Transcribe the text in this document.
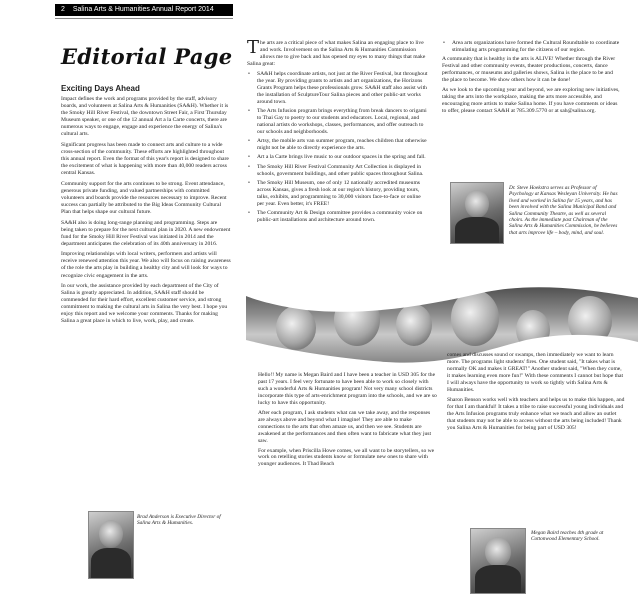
2 Salina Arts & Humanities Annual Report 2014
Editorial Page
Exciting Days Ahead

Impact defines the work and programs provided by the staff, advisory boards, and volunteers at Salina Arts & Humanities (SA&H). Whether it is the Smoky Hill River Festival, the downtown Street Fair, a First Thursday Museum speaker, or one of the 12 annual Art a la Carte concerts, there are numerous ways to engage, engage and experience the energy of Salina's cultural arts.

Significant progress has been made to connect arts and culture to a wide cross-section of the community. These efforts are highlighted throughout this annual report. Even the format of this year's report is designed to share the excitement of what is happening with more than 40,000 readers across central Kansas.

Community support for the arts continues to be strong. Event attendance, generous private funding, and valued partnerships with committed volunteers and boards provide the resources necessary to improve. Recent success can partially be attributed to the Big Ideas Community Cultural Plan that helps shape our cultural future.

SA&H also is doing long-range planning and programming. Steps are being taken to prepare for the next cultural plan in 2020. A new endowment fund for the Smoky Hill River Festival was initiated in 2014 and the department anticipates the celebration of its 40th anniversary in 2016.

Improving relationships with local writers, performers and artists will receive renewed attention this year. We also will focus on raising awareness of the role the arts play in building a healthy city and will look for ways to recognize civic engagement in the arts.

In our work, the assistance provided by each department of the City of Salina is greatly appreciated. In addition, SA&H staff should be commended for their hard effort, excellent customer service, and strong commitment to making the cultural arts in Salina the very best. I hope you enjoy this report and we welcome your comments. Thanks for making Salina a great place in which to live, work, play, and create.

Brad Anderson is Executive Director of Salina Arts & Humanities.

The arts are a critical piece of what makes Salina an engaging place to live and work. Involvement on the Salina Arts & Humanities Commission allows me to give back and has opened my eyes to many things that make Salina great:

• SA&H helps coordinate artists, not just at the River Festival, but throughout the year. By providing grants to artists and art organizations, the Horizons Grants Program helps these professionals grow. SA&H staff also assist with the installation of SculptureTour Salina pieces and other public-art works around town.
• The Arts Infusion program brings everything from break dancers to origami to Thai Gay to poetry to our students and educators. Local, regional, and national artists do workshops, classes, performances, and offer outreach to our schools and neighborhoods.
• Artsy, the mobile arts van summer program, reaches children that otherwise might not be able to directly experience the arts.
• Art a la Carte brings live music to our outdoor spaces in the spring and fall.
• The Smoky Hill River Festival Community Art Collection is displayed in schools, government buildings, and other public spaces throughout Salina.
• The Smoky Hill Museum, one of only 12 nationally accredited museums across Kansas, gives a fresh look at our region's history, providing tours, talks, exhibits, and programming to 30,000 visitors face-to-face or online per year. Even better, it's FREE!
• The Community Art & Design committee provides a community voice on public-art installations and architecture around town.
• Area arts organizations have formed the Cultural Roundtable to coordinate stimulating arts programming for the citizens of our region.

A community that is healthy in the arts is ALIVE! Whether through the River Festival and other community events, theater productions, concerts, dance performances, or museums and galleries shows, Salina is the place to be and the place to become. We show others how it can be done!

As we look to the upcoming year and beyond, we are exploring new initiatives, taking the arts into the workplace, making the arts more accessible, and encouraging more artists to make Salina home. If you have comments or ideas to offer, please contact SA&H at 785.309.5770 or at sah@salina.org.

Dr. Steve Hoekstra serves as Professor of Psychology at Kansas Wesleyan University. He has lived and worked in Salina for 15 years, and has been involved with the Salina Municipal Band and Salina Community Theatre, as well as several choirs. As the immediate past Chairman of the Salina Arts & Humanities Commission, he believes that arts improve life – body, mind, and soul.

Hello!! My name is Megan Baird and I have been a teacher in USD 305 for the past 17 years. I feel very fortunate to have been able to work so closely with such a wonderful Arts & Humanities program! Not very many school districts incorporate this type of arts-enrichment program into the schools, and we are so lucky to have this opportunity.

After each program, I ask students what can we take away, and the responses are always above and beyond what I imagine! They are able to make connections to the arts that often amaze us, and then we see. Students are awakened at the performances and then often want to fabricate what they just saw.

For example, when Priscilla Howe comes, we all want to be storytellers, so we work on retelling stories students know or formulate new ones to share with younger audiences. It Thad Beach

comes and discusses sound or swamps, then immediately we want to learn more. The programs light students' fires. One student said, "It takes what is normally OK and makes it GREAT!" Another student said, "When they come, it makes learning even more fun!" With these comments I cannot but hope that I will always have the opportunity to work so tightly with Salina Arts & Humanities.

Sharon Benson works well with teachers and helps us to make this happen, and for that I am thankful! It takes a tribe to raise successful young individuals and the Arts Infusion programs truly enhance what we teach and allow an outlet that students may not be able to access without the arts being included! Thank you Salina Arts & Humanities for being part of USD 305!

Megan Baird teaches 4th grade at Cottonwood Elementary School.
